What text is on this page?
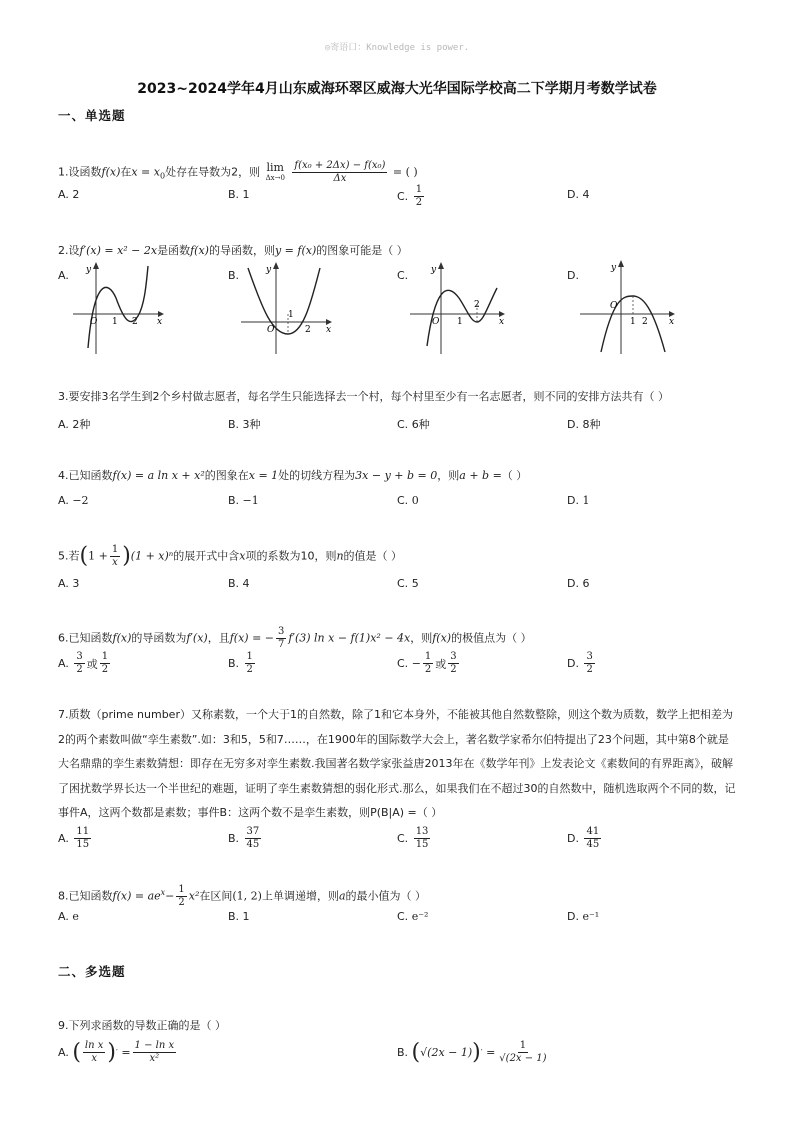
◎寄语口：Knowledge is power.
2023~2024学年4月山东威海环翠区威海大光华国际学校高二下学期月考数学试卷
一、单选题
1.设函数f(x)在$x = x_0$处存在导数为2，则 lim
Δx→0
$\frac{\text{f(x₀ + 2Δx) − f(x₀)}}{\Delta x}$ = ( )
A.
2	B.
1	C.
$\frac{1}{2}$	D.
4
2.设f′(x) = x² − 2x是函数f(x)的导函数，则y = f(x)的图象可能是（ ）
A.	B.	C.	D.
O 1 2 x
y
O
1
2 x
y
O 1
2
x
y
O
1 2 x
y
3.要安排3名学生到2个乡村做志愿者，每名学生只能选择去一个村，每个村里至少有一名志愿者，则不同的安排方法共有（ ）
A.
2种	B.
3种	C.
6种	D.
8种
4.已知函数f(x) = a ln x + x²的图象在x = 1处的切线方程为3x − y + b = 0，则a + b =（ ）
A.
−2	B.
−1	C.
0	D.
1
5.若$(1 + \frac{1}{x} )(1 + x)^n$的展开式中含x项的系数为10，则n的值是（ ）
A.
3	B.
4	C.
5	D.
6
6.已知函数f(x)的导函数为f′(x)，且f(x) = − $\frac{3}{7} f'(3)$ ln x − f(1)x² − 4x，则f(x)的极值点为（ ）
A.
$\frac{3}{2}$ 或 $\frac{1}{2}$	B.
$\frac{1}{2}$	C.
− $\frac{1}{2}$ 或 $\frac{3}{2}$	D.
$\frac{3}{2}$
7.质数（prime number）又称素数，一个大于1的自然数，除了1和它本身外，不能被其他自然数整除，则这个数为质数，数学上把相差为2的两个素数叫做“孪生素数”.如：3和5，5和7……，在1900年的国际数学大会上，著名数学家希尔伯特提出了23个问题，其中第8个就是大名鼎鼎的孪生素数猜想：即存在无穷多对孪生素数.我国著名数学家张益唐2013年在《数学年刊》上发表论文《素数间的有界距离》，破解了困扰数学界长达一个半世纪的难题，证明了孪生素数猜想的弱化形式.那么，如果我们在不超过30的自然数中，随机选取两个不同的数，记事件A，这两个数都是素数；事件B：这两个数不是孪生素数，则P(B|A) =（ ）
A.
$\frac{11}{15}$	B.
$\frac{37}{45}$	C.
$\frac{13}{15}$	D.
$\frac{41}{45}$
8.已知函数$f(x) = ae^x- \frac{1}{2} x^2$在区间(1, 2)上单调递增，则a的最小值为（ ）
A.
e	B.
1	C.
e⁻²	D.
e⁻¹
二、多选题
9.下列求函数的导数正确的是（ ）
A.
( $\frac{\text{ln x}}{x}$ ) ′
= $\frac{\text{1 − ln x}}{\text{x²}}$	B.
( √(2x − 1) ) ′
= $\frac{1}{√(2x - 1)}$
